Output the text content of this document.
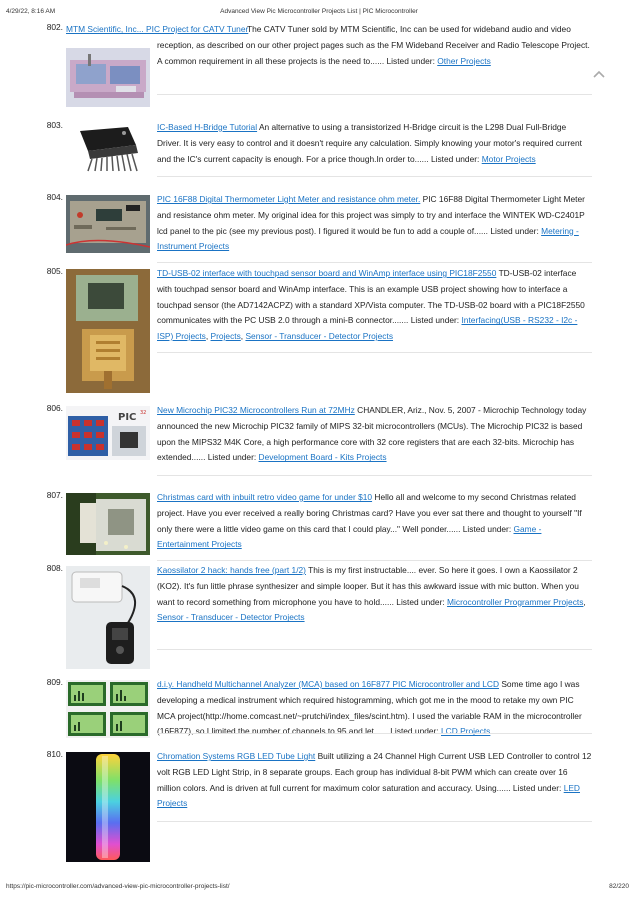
4/29/22, 8:16 AM	Advanced View Pic Microcontroller Projects List | PIC Microcontroller
802. MTM Scientific, Inc... PIC Project for CATV Tuner
The CATV Tuner sold by MTM Scientific, Inc can be used for wideband audio and video reception, as described on our other project pages such as the FM Wideband Receiver and Radio Telescope Project. A common requirement in all these projects is the need to...... Listed under: Other Projects
803.	IC-Based H-Bridge Tutorial An alternative to using a transistorized H-Bridge circuit is the L298 Dual Full-Bridge Driver. It is very easy to control and it doesn't require any calculation. Simply knowing your motor's required current and the IC's current capacity is enough. For a price though.In order to...... Listed under: Motor Projects
804.	PIC 16F88 Digital Thermometer Light Meter and resistance ohm meter. PIC 16F88 Digital Thermometer Light Meter and resistance ohm meter. My original idea for this project was simply to try and interface the WINTEK WD-C2401P lcd panel to the pic (see my previous post). I figured it would be fun to add a couple of...... Listed under: Metering - Instrument Projects
805.	TD-USB-02 interface with touchpad sensor board and WinAmp interface using PIC18F2550 TD-USB-02 interface with touchpad sensor board and WinAmp interface. This is an example USB project showing how to interface a touchpad sensor (the AD7142ACPZ) with a standard XP/Vista computer. The TD-USB-02 board with a PIC18F2550 communicates with the PC USB 2.0 through a mini-B connector....... Listed under: Interfacing(USB - RS232 - I2c -ISP) Projects, Projects, Sensor - Transducer - Detector Projects
806.
PIC 32 New Microchip PIC32 Microcontrollers Run at 72MHz CHANDLER, Ariz., Nov. 5, 2007 - Microchip Technology today announced the new Microchip PIC32 family of MIPS 32-bit microcontrollers (MCUs). The Microchip PIC32 is based upon the MIPS32 M4K Core, a high performance core with 32 core registers that are each 32-bits. Microchip has extended...... Listed under: Development Board - Kits Projects
807.	Christmas card with inbuilt retro video game for under $10 Hello all and welcome to my second Christmas related project. Have you ever received a really boring Christmas card? Have you ever sat there and thought to yourself "If only there were a little video game on this card that I could play..." Well ponder...... Listed under: Game - Entertainment Projects
808.	Kaossilator 2 hack: hands free (part 1/2) This is my first instructable.... ever. So here it goes. I own a Kaossilator 2 (KO2). It's fun little phrase synthesizer and simple looper. But it has this awkward issue with mic button. When you want to record something from microphone you have to hold...... Listed under: Microcontroller Programmer Projects, Sensor - Transducer - Detector Projects
809.	d.i.y. Handheld Multichannel Analyzer (MCA) based on 16F877 PIC Microcontroller and LCD Some time ago I was developing a medical instrument which required histogramming, which got me in the mood to retake my own PIC MCA project(http://home.comcast.net/~prutchi/index_files/scint.htm). I used the variable RAM in the microcontroller (16F877), so I limited the number of channels to 95 and let...... Listed under: LCD Projects
810.	Chromation Systems RGB LED Tube Light Built utilizing a 24 Channel High Current USB LED Controller to control 12 volt RGB LED Light Strip, in 8 separate groups. Each group has individual 8-bit PWM which can create over 16 million colors. And is driven at full current for maximum color saturation and accuracy. Using...... Listed under: LED Projects
https://pic-microcontroller.com/advanced-view-pic-microcontroller-projects-list/	82/220
